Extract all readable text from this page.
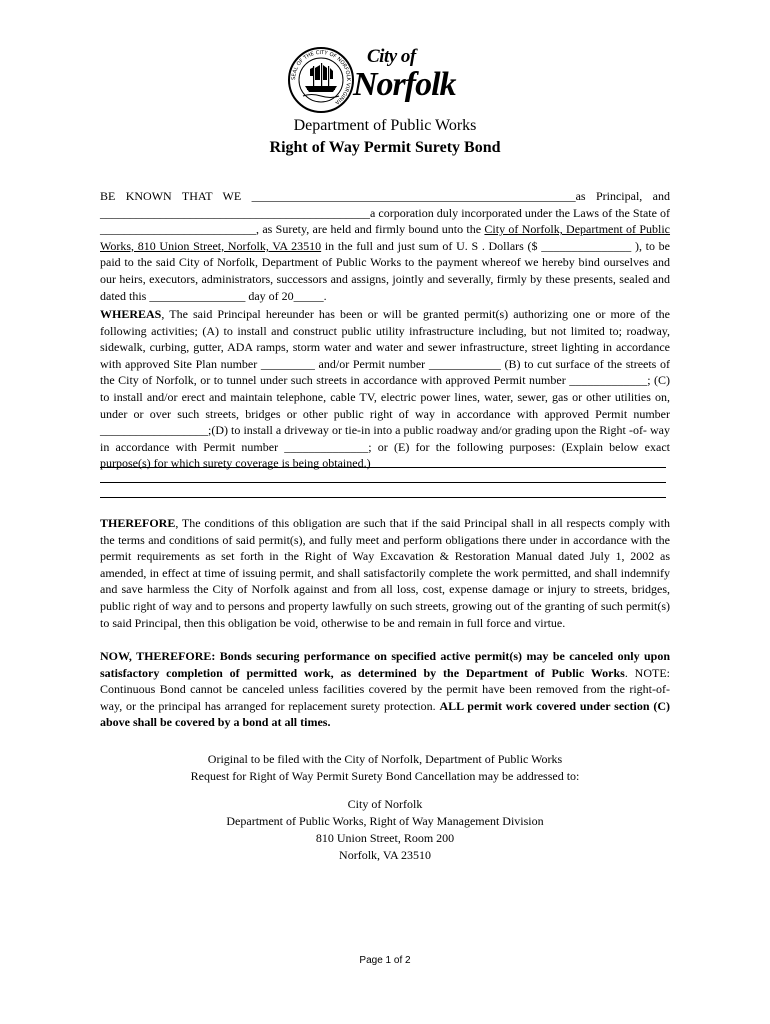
SEAL OF THE CITY OF NORFOLK VIRGINIA
City of
Norfolk
Department of Public Works
Right of Way Permit Surety Bond

BE KNOWN THAT WE ______________________________________________________as Principal, and
_____________________________________________a corporation duly incorporated under the Laws of the State of __________________________, as Surety, are held and firmly bound unto the City of Norfolk, Department of Public Works, 810 Union Street, Norfolk, VA 23510 in the full and just sum of U. S . Dollars ($ _______________ ), to be paid to the said City of Norfolk, Department of Public Works to the payment whereof we hereby bind ourselves and our heirs, executors, administrators, successors and assigns, jointly and severally, firmly by these presents, sealed and dated this ________________ day of 20_____.

WHEREAS, The said Principal hereunder has been or will be granted permit(s) authorizing one or more of the following activities; (A) to install and construct public utility infrastructure including, but not limited to; roadway, sidewalk, curbing, gutter, ADA ramps, storm water and water and sewer infrastructure, street lighting in accordance with approved Site Plan number _________ and/or Permit number ____________ (B) to cut surface of the streets of the City of Norfolk, or to tunnel under such streets in accordance with approved Permit number _____________; (C) to install and/or erect and maintain telephone, cable TV, electric power lines, water, sewer, gas or other utilities on, under or over such streets, bridges or other public right of way in accordance with approved Permit number __________________;(D) to install a driveway or tie-in into a public roadway and/or grading upon the Right -of- way in accordance with Permit number ______________; or (E) for the following purposes: (Explain below exact purpose(s) for which surety coverage is being obtained.)

THEREFORE, The conditions of this obligation are such that if the said Principal shall in all respects comply with the terms and conditions of said permit(s), and fully meet and perform obligations there under in accordance with the permit requirements as set forth in the Right of Way Excavation & Restoration Manual dated July 1, 2002 as amended, in effect at time of issuing permit, and shall satisfactorily complete the work permitted, and shall indemnify and save harmless the City of Norfolk against and from all loss, cost, expense damage or injury to streets, bridges, public right of way and to persons and property lawfully on such streets, growing out of the granting of such permit(s) to said Principal, then this obligation be void, otherwise to be and remain in full force and virtue.

NOW, THEREFORE: Bonds securing performance on specified active permit(s) may be canceled only upon satisfactory completion of permitted work, as determined by the Department of Public Works. NOTE: Continuous Bond cannot be canceled unless facilities covered by the permit have been removed from the right-of-way, or the principal has arranged for replacement surety protection. ALL permit work covered under section (C) above shall be covered by a bond at all times.

Original to be filed with the City of Norfolk, Department of Public Works
Request for Right of Way Permit Surety Bond Cancellation may be addressed to:
City of Norfolk
Department of Public Works, Right of Way Management Division
810 Union Street, Room 200
Norfolk, VA 23510
Page 1 of 2
